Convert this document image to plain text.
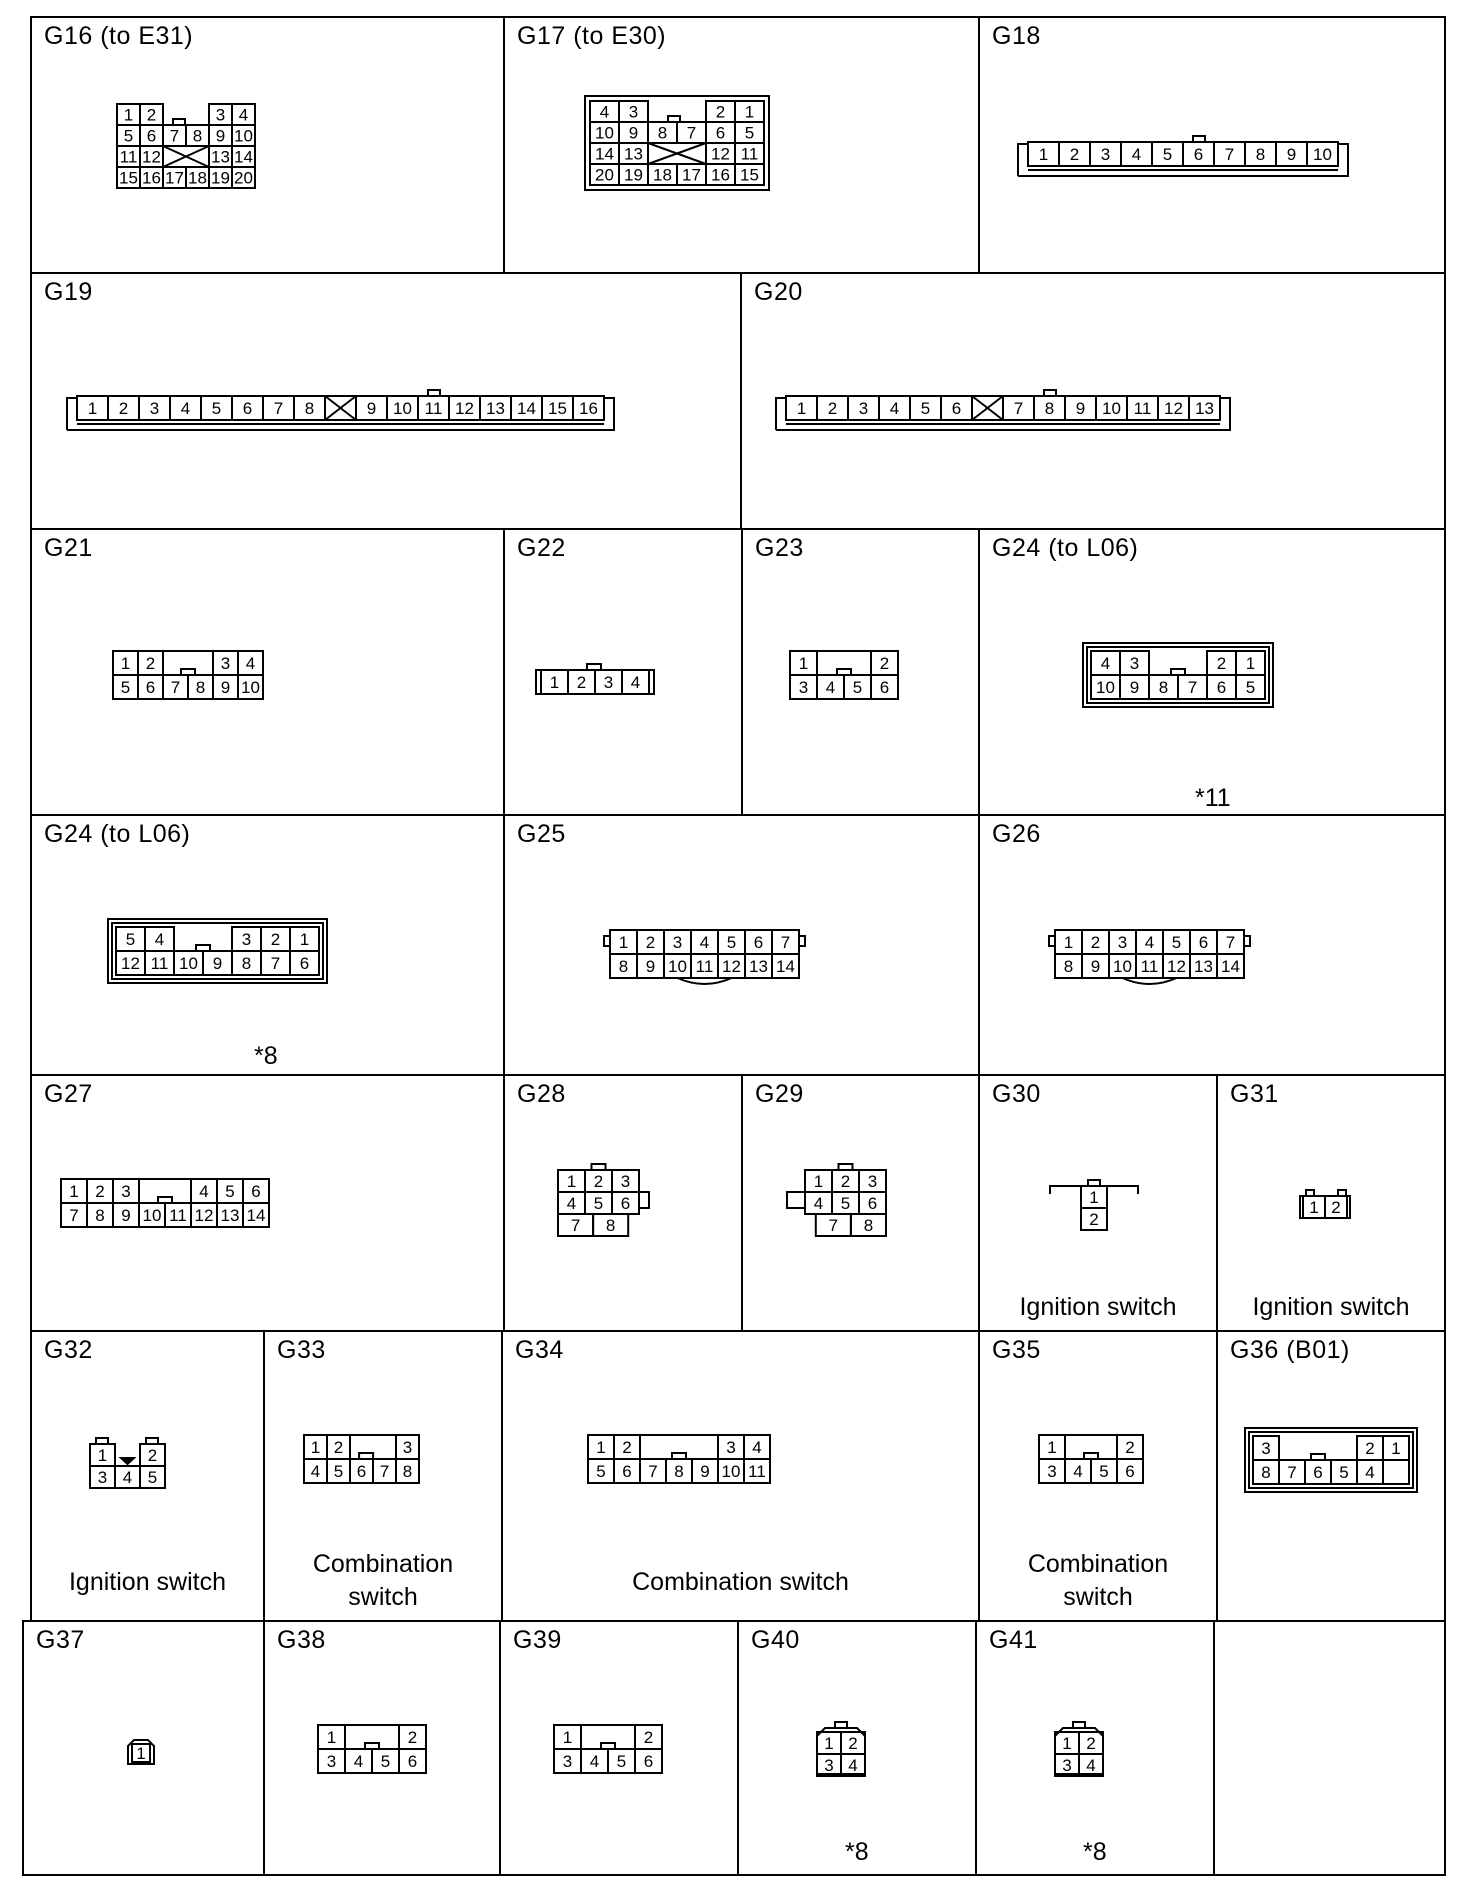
G16 (to E31)
1 2	3 4
5 6 7 8 9 10
11 12	13 14
15 16 17 18 19 20
G17 (to E30)
4 3	2 1
10 9 8 7 6 5
14 13	12 11
20 19 18 17 16 15
G18
1 2 3 4 5 6 7 8 9 10
G19
1 2 3 4 5 6 7 8	9 10 11 12 13 14 15 16
G20
1 2 3 4 5 6	7 8 9 10 11 12 13
G21
1 2	3 4
5 6 7 8 9 10
G22
1 2 3 4
G23
1	2
3 4 5 6
G24 (to L06)
4 3	2 1
10 9 8 7 6 5
*11
G24 (to L06)
5 4	3 2 1
12 11 10 9 8 7 6
*8
G25
1 2 3 4 5 6 7
8 9 10 11 12 13 14
G26
1 2 3 4 5 6 7
8 9 10 11 12 13 14
G27
1 2 3	4 5 6
7 8 9 10 11 12 13 14
G28
1 2 3
4 5 6
7 8
G29
1 2 3
4 5 6
7 8
G30
1
2
Ignition switch
G31
1 2
Ignition switch
G32
1 2
3 4 5
Ignition switch
G33
1 2	3
4 5 6 7 8
Combination switch
G34
1 2	3 4
5 6 7 8 9 10 11
Combination switch
G35
1	2
3 4 5 6
Combination switch
G36 (B01)
3	2 1
8 7 6 5 4
G37
1
G38
1	2
3 4 5 6
G39
1	2
3 4 5 6
G40
1 2
3 4
*8
G41
1 2
3 4
*8
